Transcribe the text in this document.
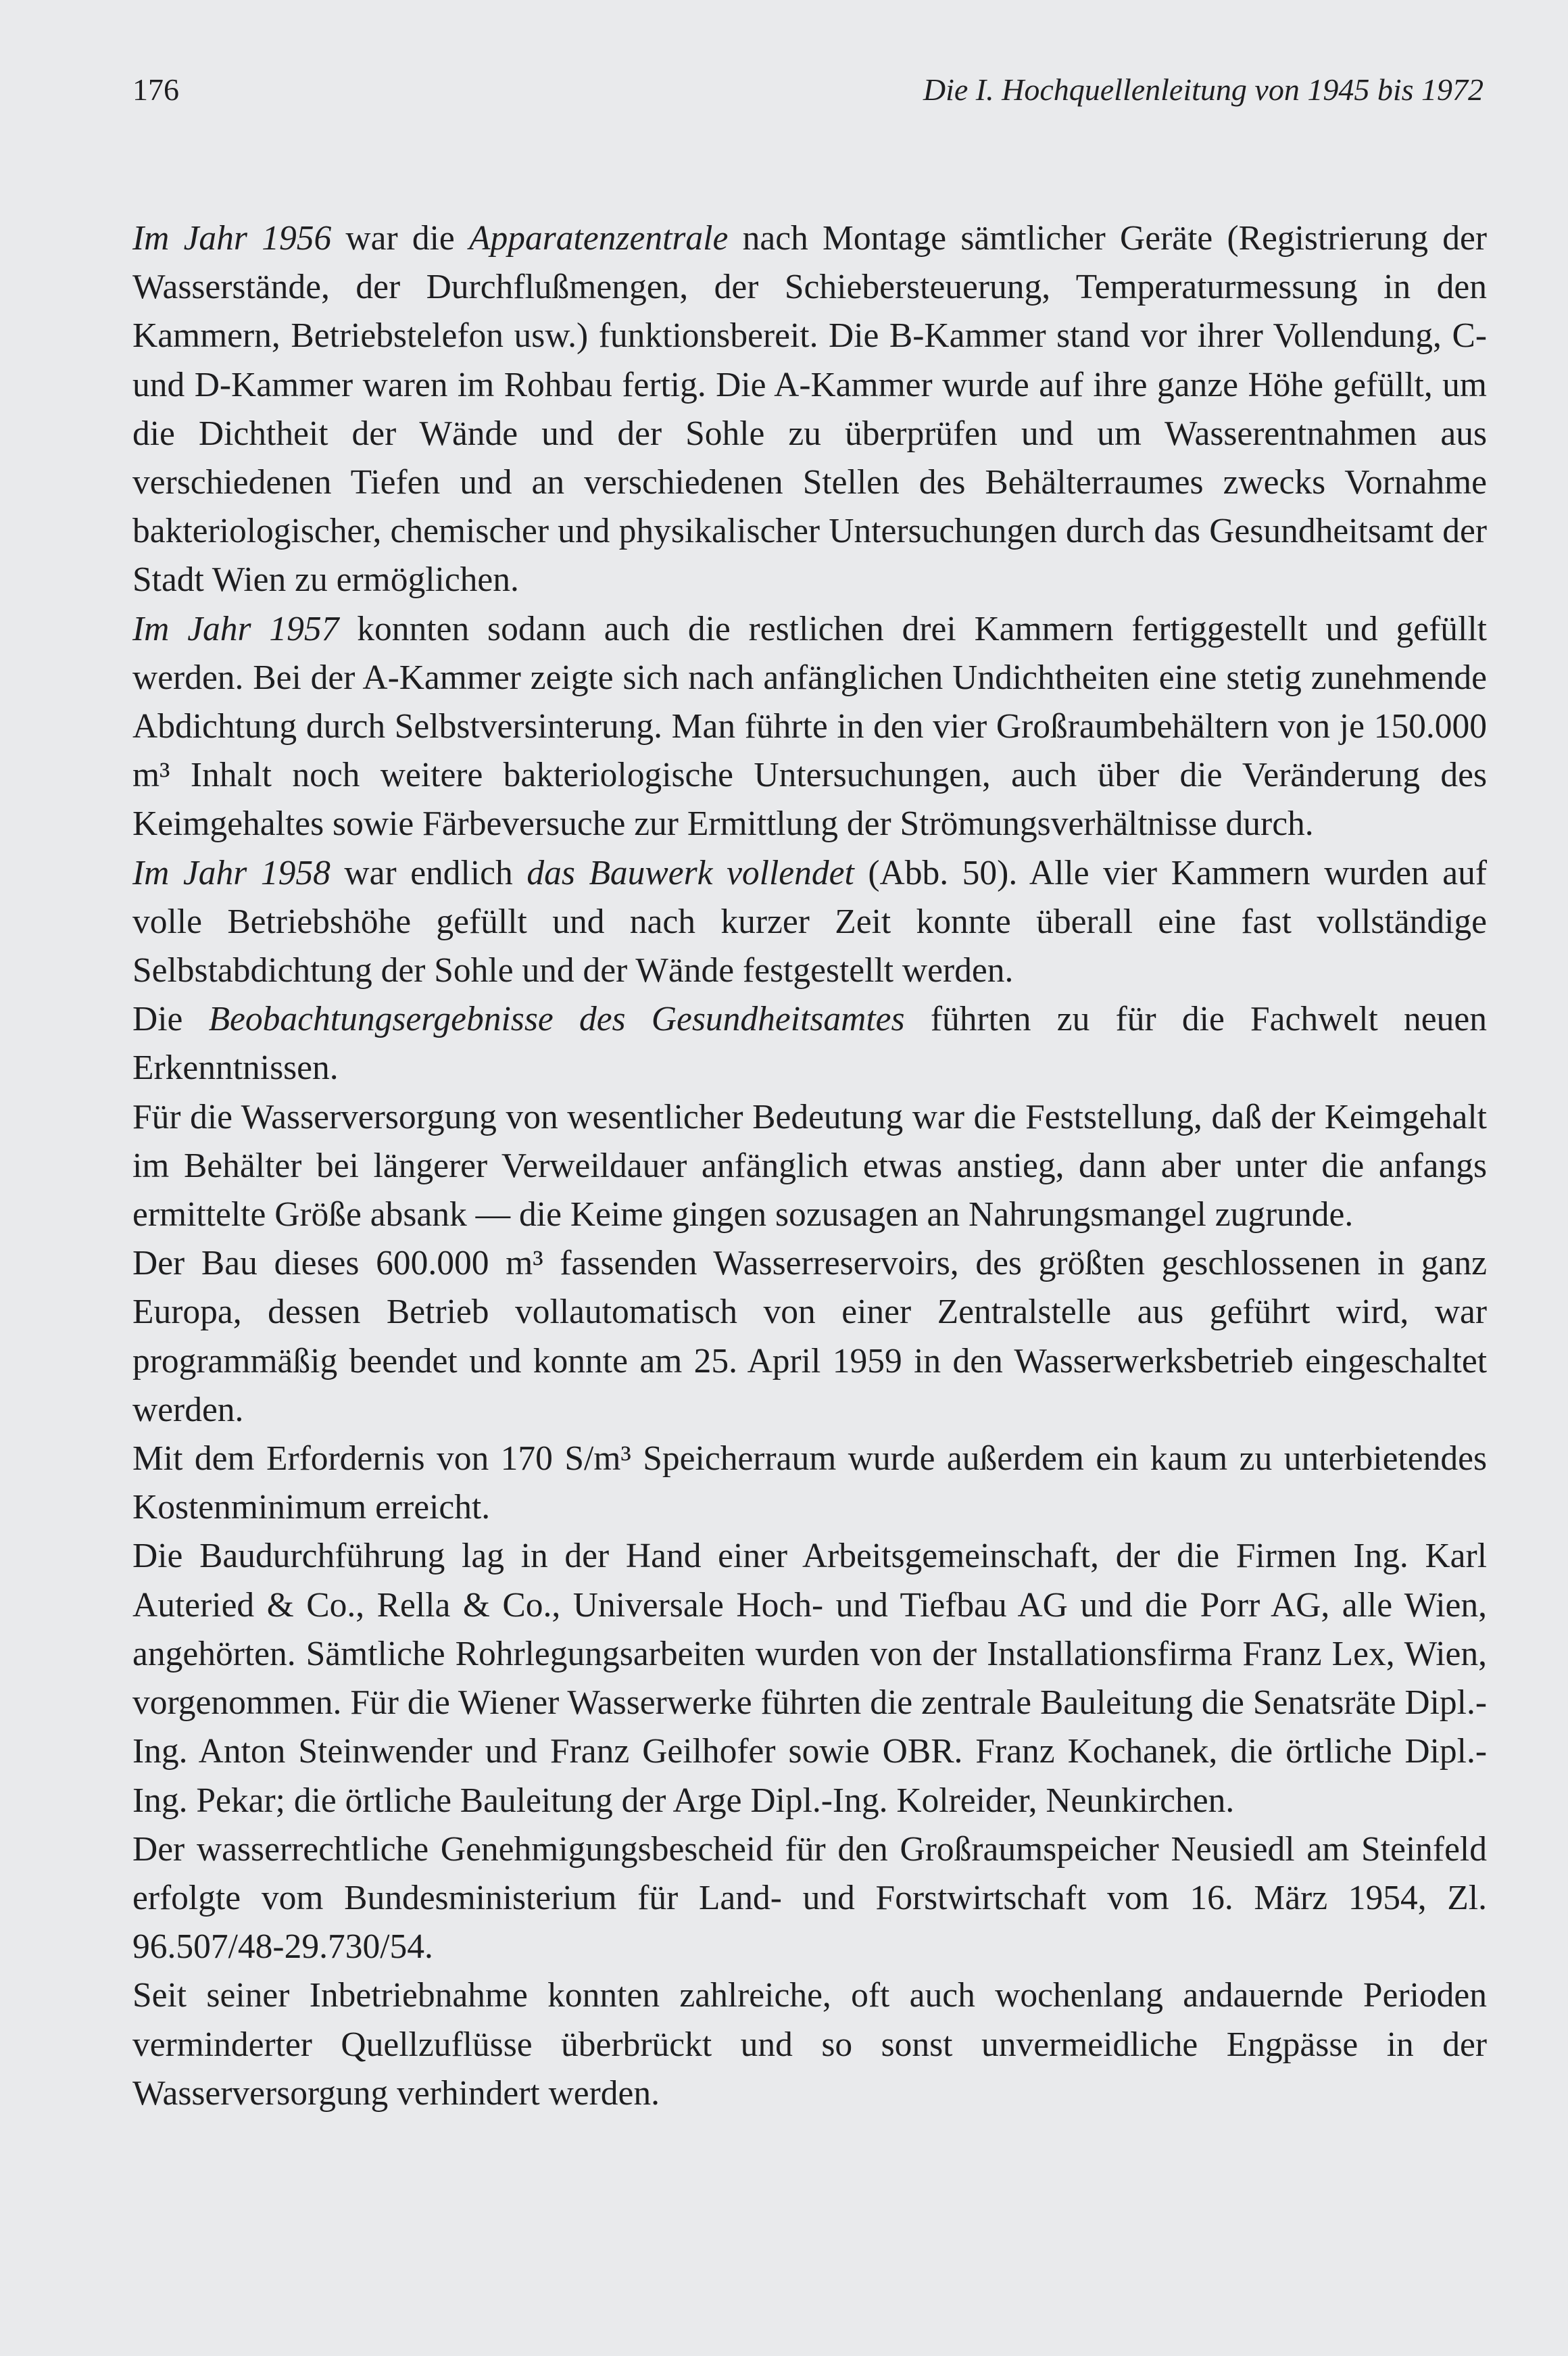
176	Die I. Hochquellenleitung von 1945 bis 1972

Im Jahr 1956 war die Apparatenzentrale nach Montage sämtlicher Geräte (Registrierung der Wasserstände, der Durchflußmengen, der Schiebersteuerung, Temperaturmessung in den Kammern, Betriebstelefon usw.) funktionsbereit. Die B-Kammer stand vor ihrer Vollendung, C- und D-Kammer waren im Rohbau fertig. Die A-Kammer wurde auf ihre ganze Höhe gefüllt, um die Dichtheit der Wände und der Sohle zu überprüfen und um Wasserentnahmen aus verschiedenen Tiefen und an verschiedenen Stellen des Behälterraumes zwecks Vornahme bakteriologischer, chemischer und physikalischer Untersuchungen durch das Gesundheitsamt der Stadt Wien zu ermöglichen.

Im Jahr 1957 konnten sodann auch die restlichen drei Kammern fertiggestellt und gefüllt werden. Bei der A-Kammer zeigte sich nach anfänglichen Undichtheiten eine stetig zunehmende Abdichtung durch Selbstversinterung. Man führte in den vier Großraumbehältern von je 150.000 m³ Inhalt noch weitere bakteriologische Untersuchungen, auch über die Veränderung des Keimgehaltes sowie Färbeversuche zur Ermittlung der Strömungsverhältnisse durch.

Im Jahr 1958 war endlich das Bauwerk vollendet (Abb. 50). Alle vier Kammern wurden auf volle Betriebshöhe gefüllt und nach kurzer Zeit konnte überall eine fast vollständige Selbstabdichtung der Sohle und der Wände festgestellt werden.

Die Beobachtungsergebnisse des Gesundheitsamtes führten zu für die Fachwelt neuen Erkenntnissen.

Für die Wasserversorgung von wesentlicher Bedeutung war die Feststellung, daß der Keimgehalt im Behälter bei längerer Verweildauer anfänglich etwas anstieg, dann aber unter die anfangs ermittelte Größe absank — die Keime gingen sozusagen an Nahrungsmangel zugrunde.

Der Bau dieses 600.000 m³ fassenden Wasserreservoirs, des größten geschlossenen in ganz Europa, dessen Betrieb vollautomatisch von einer Zentralstelle aus geführt wird, war programmäßig beendet und konnte am 25. April 1959 in den Wasserwerksbetrieb eingeschaltet werden.

Mit dem Erfordernis von 170 S/m³ Speicherraum wurde außerdem ein kaum zu unterbietendes Kostenminimum erreicht.

Die Baudurchführung lag in der Hand einer Arbeitsgemeinschaft, der die Firmen Ing. Karl Auteried & Co., Rella & Co., Universale Hoch- und Tiefbau AG und die Porr AG, alle Wien, angehörten. Sämtliche Rohrlegungsarbeiten wurden von der Installationsfirma Franz Lex, Wien, vorgenommen. Für die Wiener Wasserwerke führten die zentrale Bauleitung die Senatsräte Dipl.-Ing. Anton Steinwender und Franz Geilhofer sowie OBR. Franz Kochanek, die örtliche Dipl.-Ing. Pekar; die örtliche Bauleitung der Arge Dipl.-Ing. Kolreider, Neunkirchen.

Der wasserrechtliche Genehmigungsbescheid für den Großraumspeicher Neusiedl am Steinfeld erfolgte vom Bundesministerium für Land- und Forstwirtschaft vom 16. März 1954, Zl. 96.507/48-29.730/54.

Seit seiner Inbetriebnahme konnten zahlreiche, oft auch wochenlang andauernde Perioden verminderter Quellzuflüsse überbrückt und so sonst unvermeidliche Engpässe in der Wasserversorgung verhindert werden.
